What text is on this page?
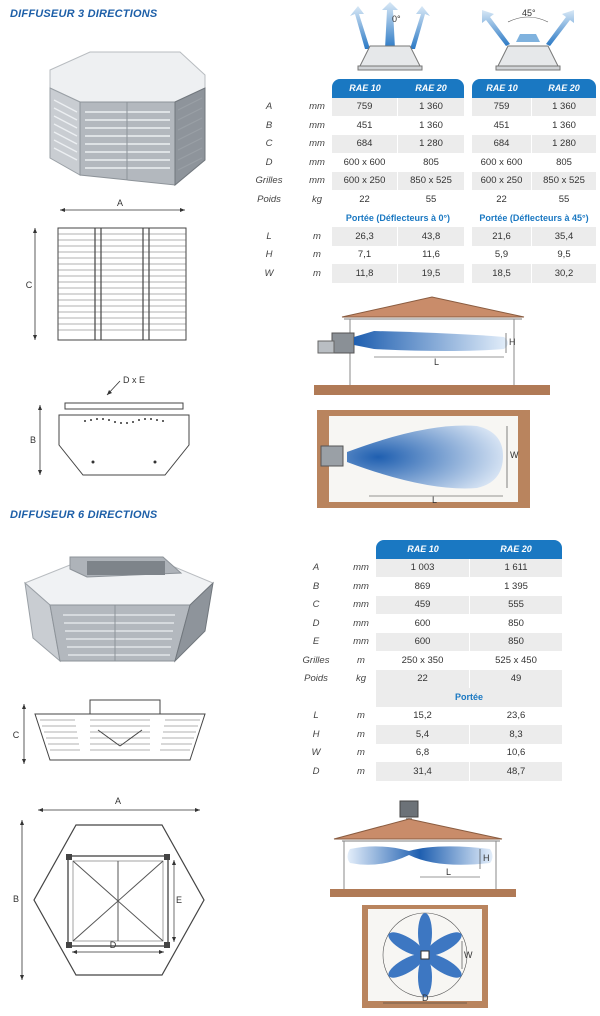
DIFFUSEUR 3 DIRECTIONS
A
C
D x E
B
0°
45°
		RAE 10	RAE 20		RAE 10	RAE 20
A	mm	759	1 360		759	1 360
B	mm	451	1 360		451	1 360
C	mm	684	1 280		684	1 280
D	mm	600 x 600	805		600 x 600	805
Grilles	mm	600 x 250	850 x 525		600 x 250	850 x 525
Poids	kg	22	55		22	55
		Portée (Déflecteurs à 0°)			Portée (Déflecteurs à 45°)	
L	m	26,3	43,8		21,6	35,4
H	m	7,1	11,6		5,9	9,5
W	m	11,8	19,5		18,5	30,2
L
H
L
W
DIFFUSEUR 6 DIRECTIONS
C
A
B	E
D
		RAE 10	RAE 20
A	mm	1 003	1 611
B	mm	869	1 395
C	mm	459	555
D	mm	600	850
E	mm	600	850
Grilles	m	250 x 350	525 x 450
Poids	kg	22	49
		Portée	
L	m	15,2	23,6
H	m	5,4	8,3
W	m	6,8	10,6
D	m	31,4	48,7
H
L
W
D
